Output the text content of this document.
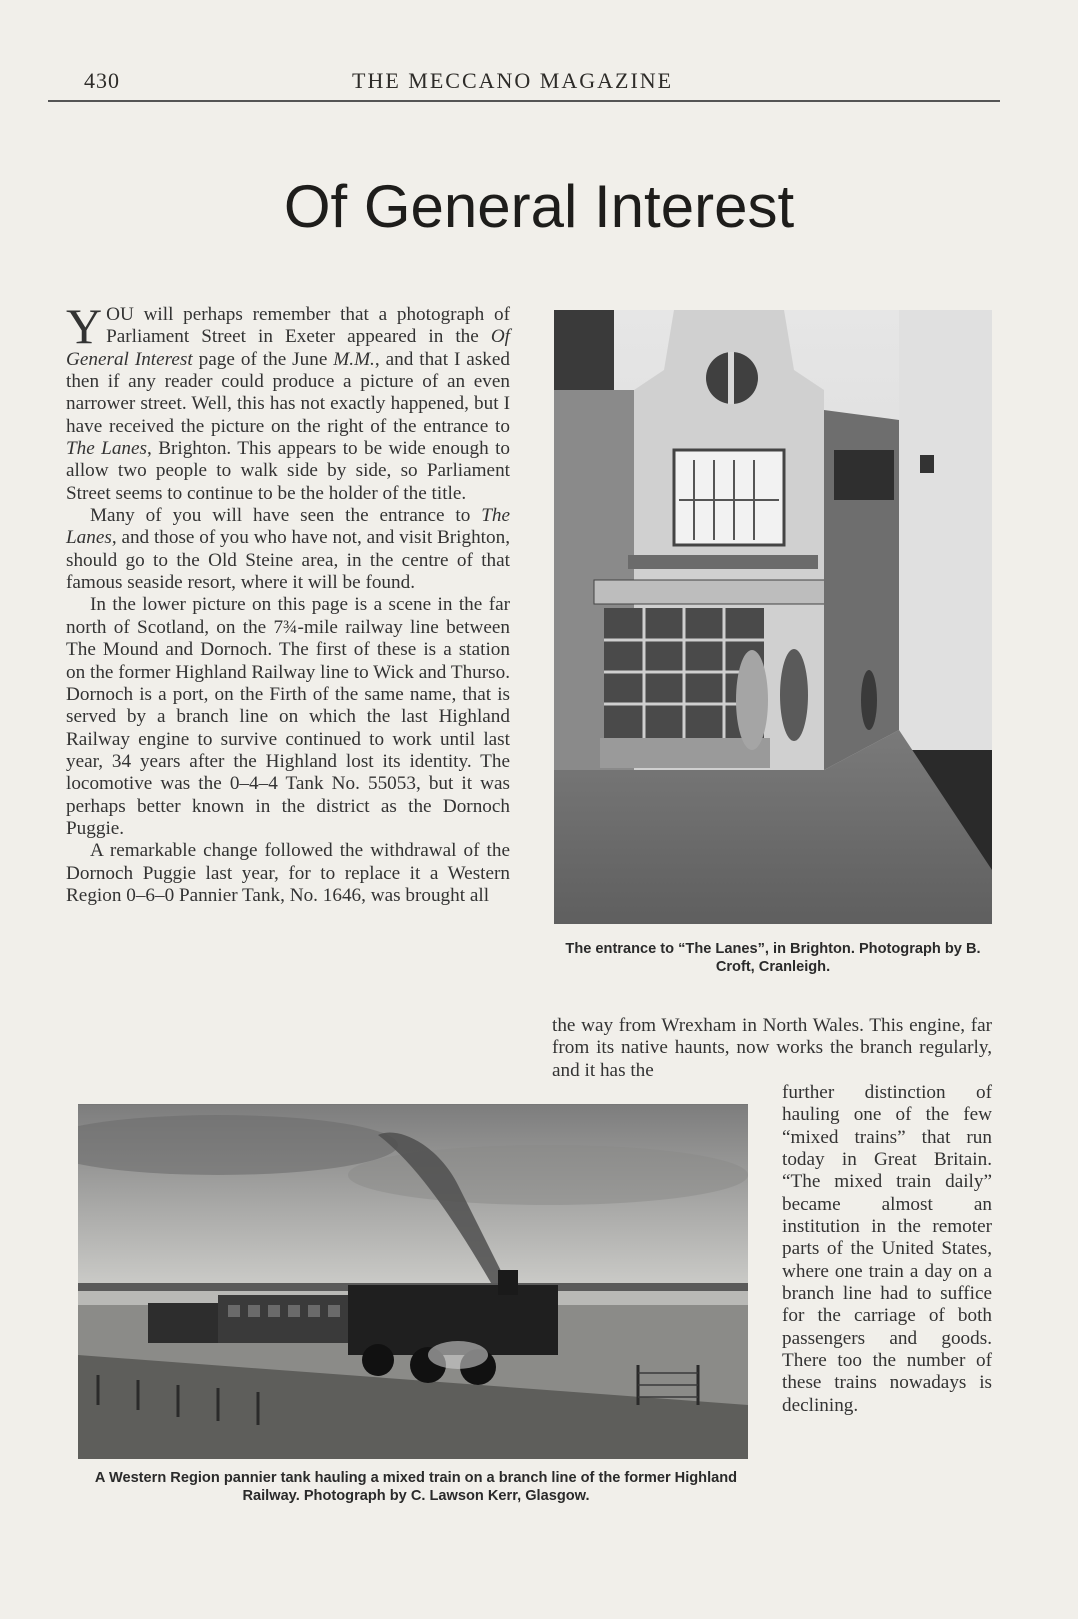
430	THE MECCANO MAGAZINE
Of General Interest

YOU will perhaps remember that a photograph of Parliament Street in Exeter appeared in the Of General Interest page of the June M.M., and that I asked then if any reader could produce a picture of an even narrower street. Well, this has not exactly happened, but I have received the picture on the right of the entrance to The Lanes, Brighton. This appears to be wide enough to allow two people to walk side by side, so Parliament Street seems to continue to be the holder of the title.

Many of you will have seen the entrance to The Lanes, and those of you who have not, and visit Brighton, should go to the Old Steine area, in the centre of that famous seaside resort, where it will be found.

In the lower picture on this page is a scene in the far north of Scotland, on the 7¾-mile railway line between The Mound and Dornoch. The first of these is a station on the former Highland Railway line to Wick and Thurso. Dornoch is a port, on the Firth of the same name, that is served by a branch line on which the last Highland Railway engine to survive continued to work until last year, 34 years after the Highland lost its identity. The locomotive was the 0–4–4 Tank No. 55053, but it was perhaps better known in the district as the Dornoch Puggie.

A remarkable change followed the withdrawal of the Dornoch Puggie last year, for to replace it a Western Region 0–6–0 Pannier Tank, No. 1646, was brought all

The entrance to “The Lanes”, in Brighton. Photograph by B. Croft, Cranleigh.

the way from Wrexham in North Wales. This engine, far from its native haunts, now works the branch regularly, and it has the

A Western Region pannier tank hauling a mixed train on a branch line of the former Highland Railway. Photograph by C. Lawson Kerr, Glasgow.

further distinction of hauling one of the few “mixed trains” that run today in Great Britain. “The mixed train daily” became almost an institution in the remoter parts of the United States, where one train a day on a branch line had to suffice for the carriage of both passengers and goods. There too the number of these trains nowadays is declining.
